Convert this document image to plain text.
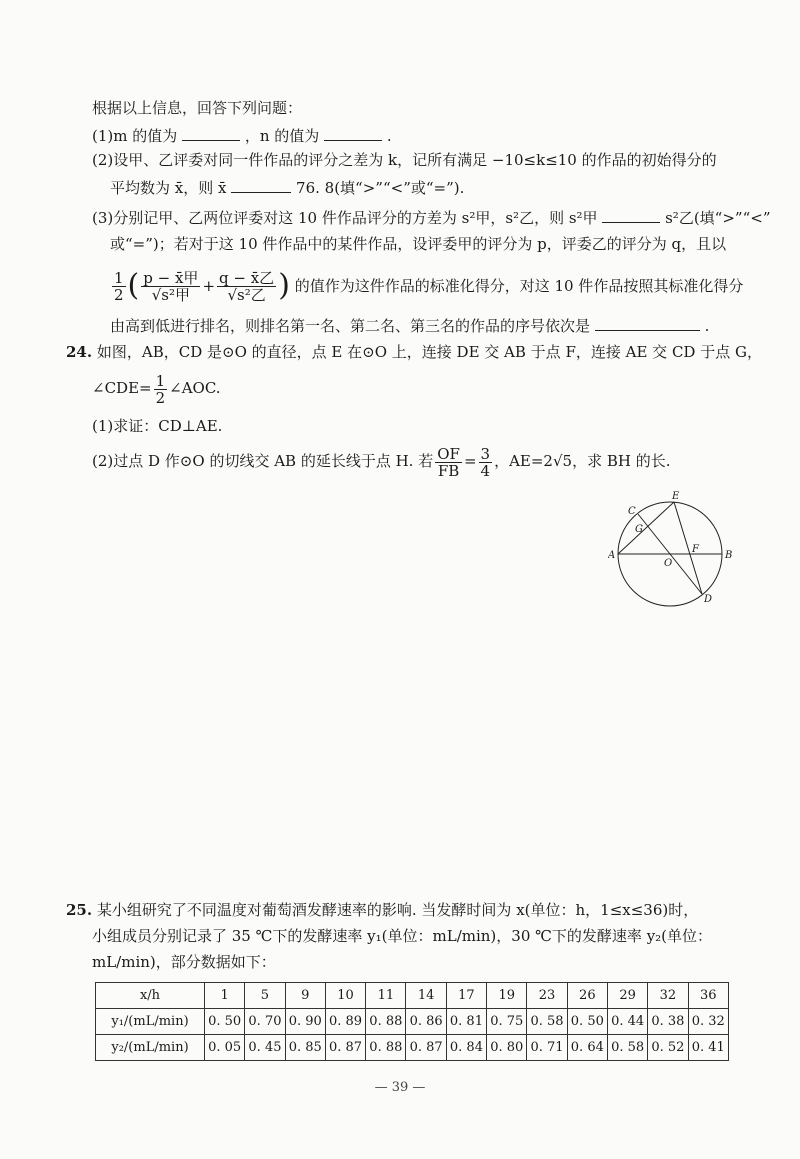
根据以上信息，回答下列问题：
(1)m 的值为	，n 的值为	.
(2)设甲、乙评委对同一件作品的评分之差为 k，记所有满足 −10≤k≤10 的作品的初始得分的
平均数为 x̄，则 x̄	76. 8(填“>”“<”或“=”).
(3)分别记甲、乙两位评委对这 10 件作品评分的方差为 s²甲，s²乙，则 s²甲	s²乙(填“>”“<”
或“=”)；若对于这 10 件作品中的某件作品，设评委甲的评分为 p，评委乙的评分为 q，且以
$\frac{1}{2}$ ( $\frac{\text{p − x̄甲}}{\text{√s²甲}} + \frac{\text{q − x̄乙}}{\text{√s²乙}}$ ) 的值作为这件作品的标准化得分，对这 10 件作品按照其标准化得分
由高到低进行排名，则排名第一名、第二名、第三名的作品的序号依次是	.
24. 如图，AB，CD 是⊙O 的直径，点 E 在⊙O 上，连接 DE 交 AB 于点 F，连接 AE 交 CD 于点 G，
∠CDE= $\frac{1}{2}$ ∠AOC.
(1)求证：CD⊥AE.
(2)过点 D 作⊙O 的切线交 AB 的延长线于点 H. 若 $\frac{OF}{FB} = \frac{3}{4}$ ，AE=2√5，求 BH 的长.
A	B
C
D
E
F
G
O
25. 某小组研究了不同温度对葡萄酒发酵速率的影响. 当发酵时间为 x(单位：h，1≤x≤36)时，
小组成员分别记录了 35 ℃下的发酵速率 y₁(单位：mL/min)，30 ℃下的发酵速率 y₂(单位：
mL/min)，部分数据如下：
x/h	1	5	9	10	11	14	17	19	23	26	29	32	36
y₁/(mL/min)	0. 50	0. 70	0. 90	0. 89	0. 88	0. 86	0. 81	0. 75	0. 58	0. 50	0. 44	0. 38	0. 32
y₂/(mL/min)	0. 05	0. 45	0. 85	0. 87	0. 88	0. 87	0. 84	0. 80	0. 71	0. 64	0. 58	0. 52	0. 41
— 39 —
